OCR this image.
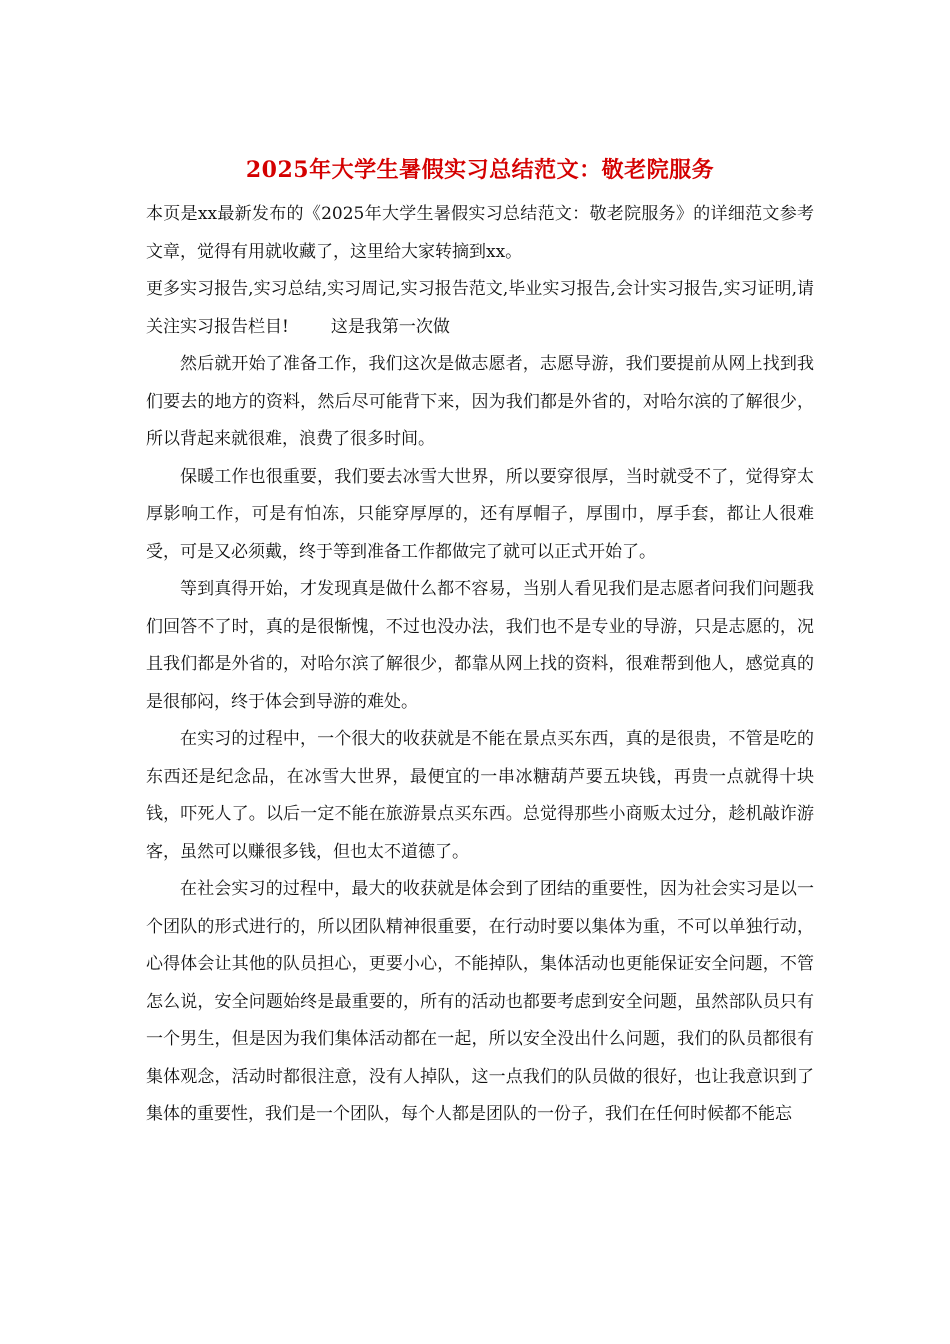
2025年大学生暑假实习总结范文：敬老院服务

本页是xx最新发布的《2025年大学生暑假实习总结范文：敬老院服务》的详细范文参考文章，觉得有用就收藏了，这里给大家转摘到xx。

更多实习报告,实习总结,实习周记,实习报告范文,毕业实习报告,会计实习报告,实习证明,请关注实习报告栏目! 这是我第一次做

然后就开始了准备工作，我们这次是做志愿者，志愿导游，我们要提前从网上找到我们要去的地方的资料，然后尽可能背下来，因为我们都是外省的，对哈尔滨的了解很少，所以背起来就很难，浪费了很多时间。

保暖工作也很重要，我们要去冰雪大世界，所以要穿很厚，当时就受不了，觉得穿太厚影响工作，可是有怕冻，只能穿厚厚的，还有厚帽子，厚围巾，厚手套，都让人很难受，可是又必须戴，终于等到准备工作都做完了就可以正式开始了。

等到真得开始，才发现真是做什么都不容易，当别人看见我们是志愿者问我们问题我们回答不了时，真的是很惭愧，不过也没办法，我们也不是专业的导游，只是志愿的，况且我们都是外省的，对哈尔滨了解很少，都靠从网上找的资料，很难帮到他人，感觉真的是很郁闷，终于体会到导游的难处。

在实习的过程中，一个很大的收获就是不能在景点买东西，真的是很贵，不管是吃的东西还是纪念品，在冰雪大世界，最便宜的一串冰糖葫芦要五块钱，再贵一点就得十块钱，吓死人了。以后一定不能在旅游景点买东西。总觉得那些小商贩太过分，趁机敲诈游客，虽然可以赚很多钱，但也太不道德了。

在社会实习的过程中，最大的收获就是体会到了团结的重要性，因为社会实习是以一个团队的形式进行的，所以团队精神很重要，在行动时要以集体为重，不可以单独行动，心得体会让其他的队员担心，更要小心，不能掉队，集体活动也更能保证安全问题，不管怎么说，安全问题始终是最重要的，所有的活动也都要考虑到安全问题，虽然部队员只有一个男生，但是因为我们集体活动都在一起，所以安全没出什么问题，我们的队员都很有集体观念，活动时都很注意，没有人掉队，这一点我们的队员做的很好，也让我意识到了集体的重要性，我们是一个团队，每个人都是团队的一份子，我们在任何时候都不能忘
